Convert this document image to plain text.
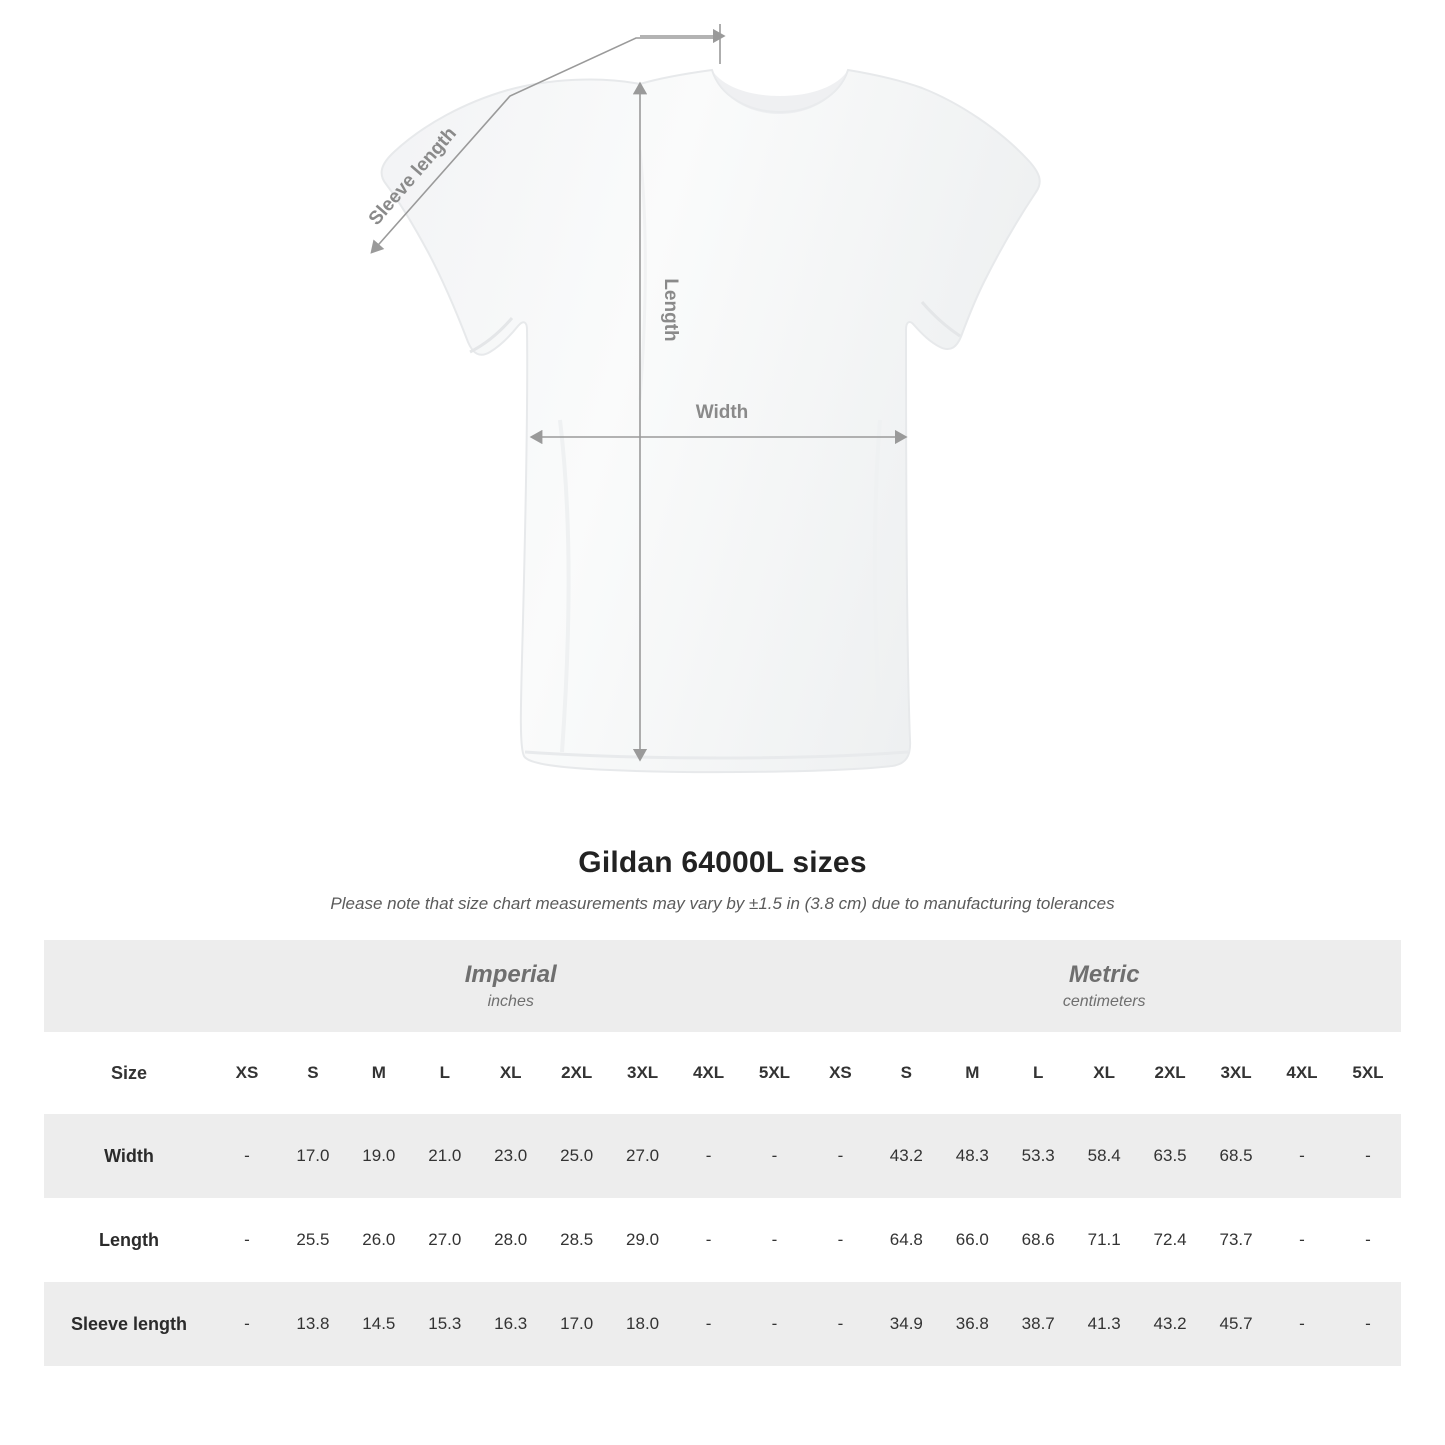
Sleeve length
Length
Width
Gildan 64000L sizes
Please note that size chart measurements may vary by ±1.5 in (3.8 cm) due to manufacturing tolerances

Imperial
inches

Metric
centimeters

Size	XS	S	M	L	XL	2XL	3XL	4XL	5XL	XS	S	M	L	XL	2XL	3XL	4XL	5XL
Width	-	17.0	19.0	21.0	23.0	25.0	27.0	-	-	-	43.2	48.3	53.3	58.4	63.5	68.5	-	-
Length	-	25.5	26.0	27.0	28.0	28.5	29.0	-	-	-	64.8	66.0	68.6	71.1	72.4	73.7	-	-
Sleeve length	-	13.8	14.5	15.3	16.3	17.0	18.0	-	-	-	34.9	36.8	38.7	41.3	43.2	45.7	-	-
